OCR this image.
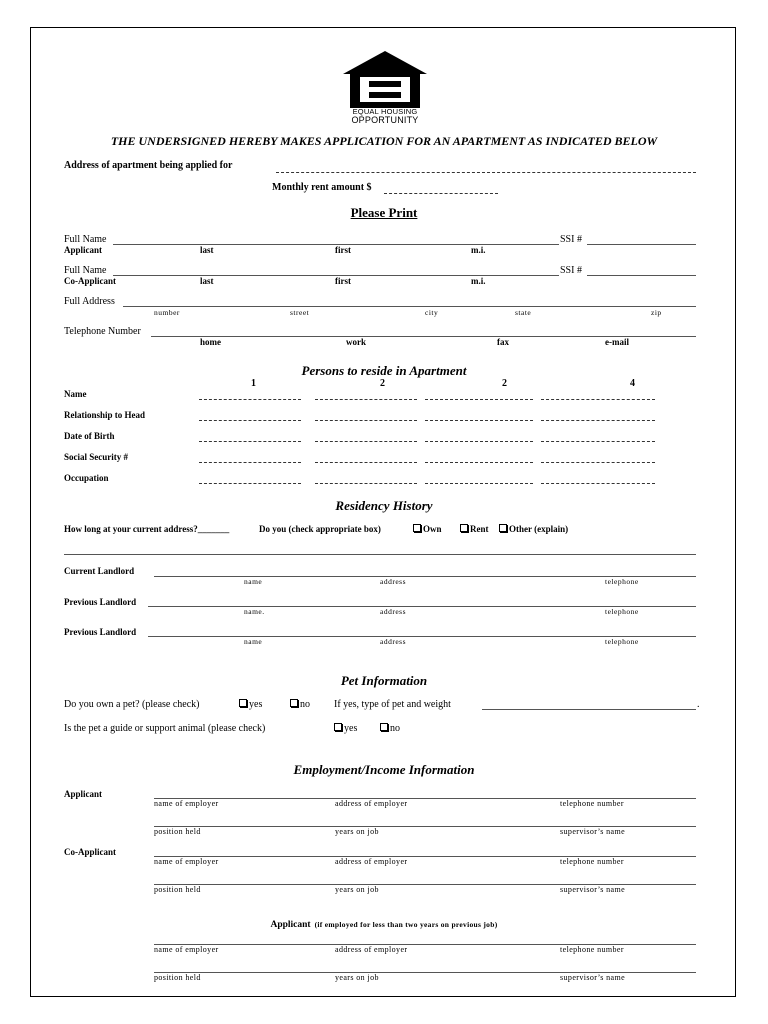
EQUAL HOUSING
OPPORTUNITY
THE UNDERSIGNED HEREBY MAKES APPLICATION FOR AN APARTMENT AS INDICATED BELOW
Address of apartment being applied for
Monthly rent amount $
Please Print
Full Name	SSI #
Applicant	last	first	m.i.
Full Name	SSI #
Co-Applicant	last	first	m.i.
Full Address
number	street	city	state	zip
Telephone Number
home	work	fax	e-mail
Persons to reside in Apartment
1	2	2	4
Name
Relationship to Head
Date of Birth
Social Security #
Occupation
Residency History
How long at your current address?_______	Do you (check appropriate box)	Own	Rent	Other (explain)
Current Landlord
name	address	telephone
Previous Landlord
name.	address	telephone
Previous Landlord
name	address	telephone
Pet Information
Do you own a pet? (please check)	yes	no If yes, type of pet and weight	.
Is the pet a guide or support animal (please check)	yes	no
Employment/Income Information
Applicant
name of employer	address of employer	telephone number
position held	years on job	supervisor’s name
Co-Applicant
name of employer	address of employer	telephone number
position held	years on job	supervisor’s name
Applicant (if employed for less than two years on previous job)
name of employer	address of employer	telephone number
position held	years on job	supervisor’s name
